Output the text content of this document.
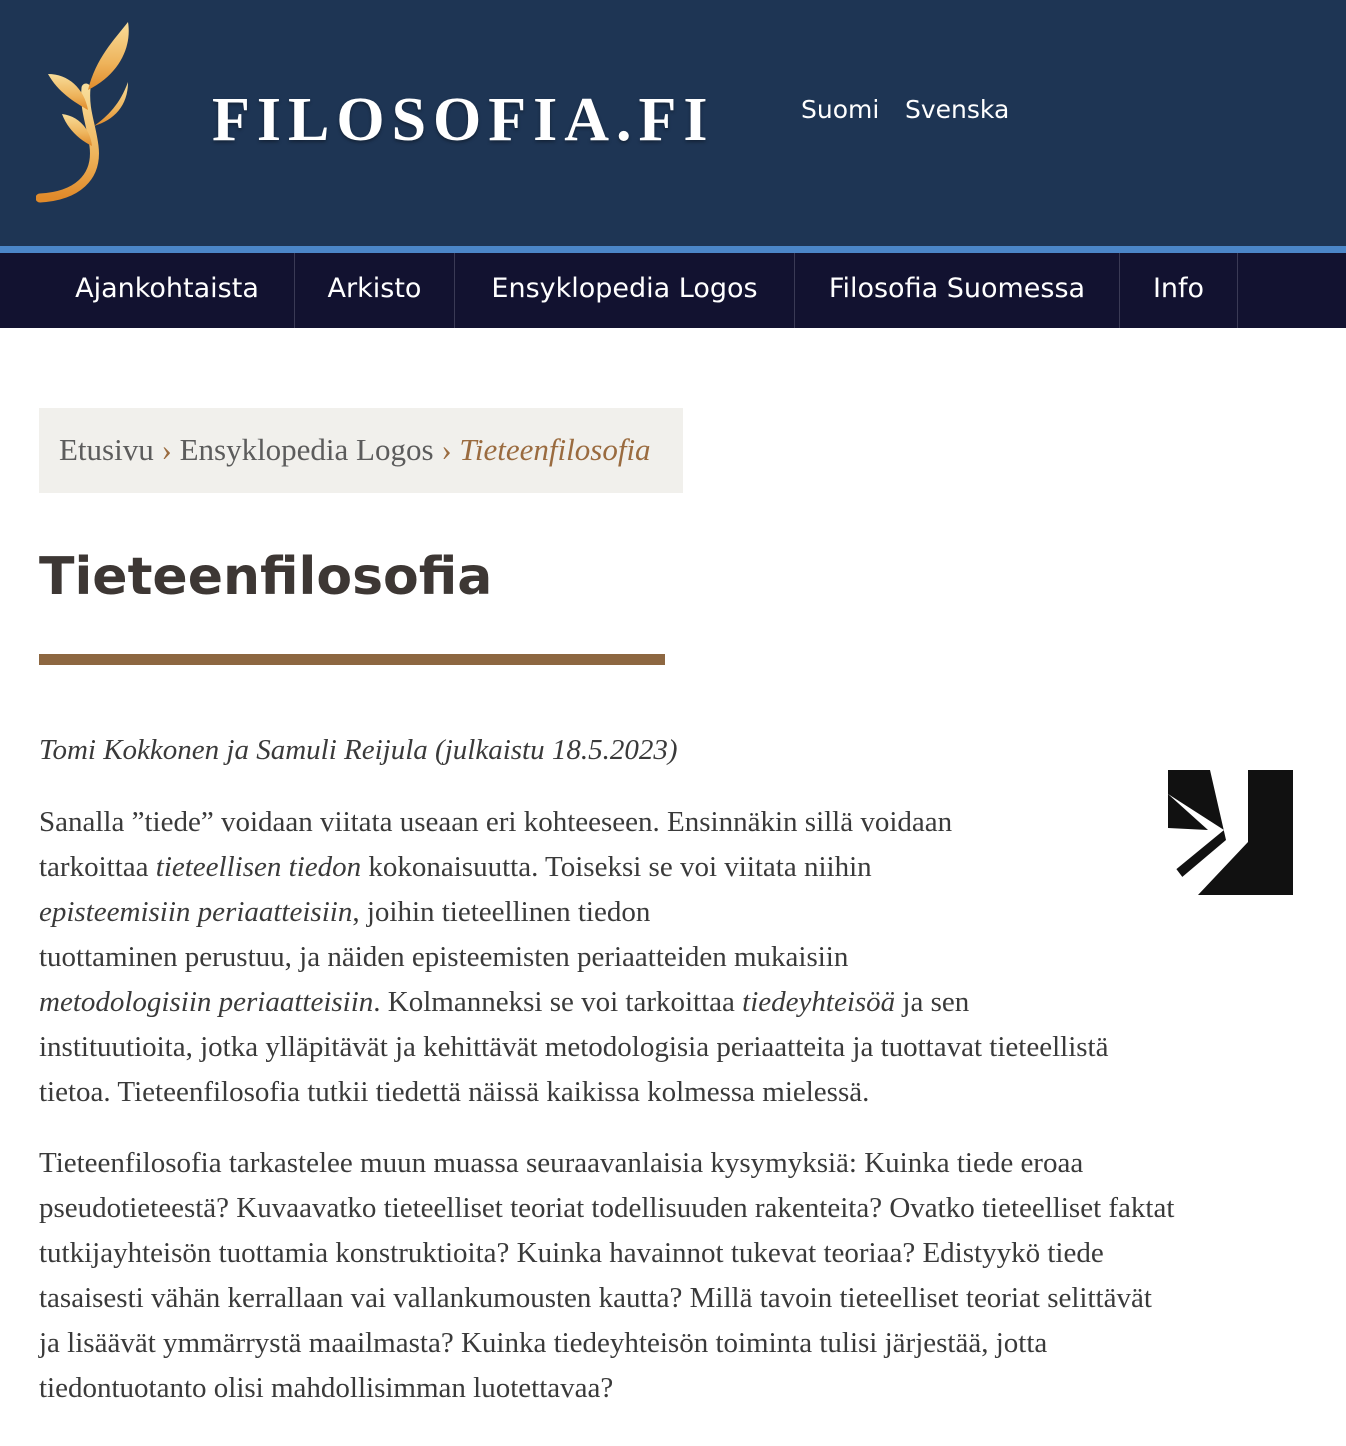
FILOSOFIA.FI	Suomi Svenska
Ajankohtaista	Arkisto	Ensyklopedia Logos	Filosofia Suomessa	Info
Etusivu › Ensyklopedia Logos › Tieteenfilosofia
Tieteenfilosofia
Tomi Kokkonen ja Samuli Reijula (julkaistu 18.5.2023)
Sanalla ”tiede” voidaan viitata useaan eri kohteeseen. Ensinnäkin sillä voidaan
tarkoittaa tieteellisen tiedon kokonaisuutta. Toiseksi se voi viitata niihin
episteemisiin periaatteisiin, joihin tieteellinen tiedon
tuottaminen perustuu, ja näiden episteemisten periaatteiden mukaisiin
metodologisiin periaatteisiin. Kolmanneksi se voi tarkoittaa tiedeyhteisöä ja sen
instituutioita, jotka ylläpitävät ja kehittävät metodologisia periaatteita ja tuottavat tieteellistä
tietoa. Tieteenfilosofia tutkii tiedettä näissä kaikissa kolmessa mielessä.
Tieteenfilosofia tarkastelee muun muassa seuraavanlaisia kysymyksiä: Kuinka tiede eroaa
pseudotieteestä? Kuvaavatko tieteelliset teoriat todellisuuden rakenteita? Ovatko tieteelliset faktat
tutkijayhteisön tuottamia konstruktioita? Kuinka havainnot tukevat teoriaa? Edistyykö tiede
tasaisesti vähän kerrallaan vai vallankumousten kautta? Millä tavoin tieteelliset teoriat selittävät
ja lisäävät ymmärrystä maailmasta? Kuinka tiedeyhteisön toiminta tulisi järjestää, jotta
tiedontuotanto olisi mahdollisimman luotettavaa?
